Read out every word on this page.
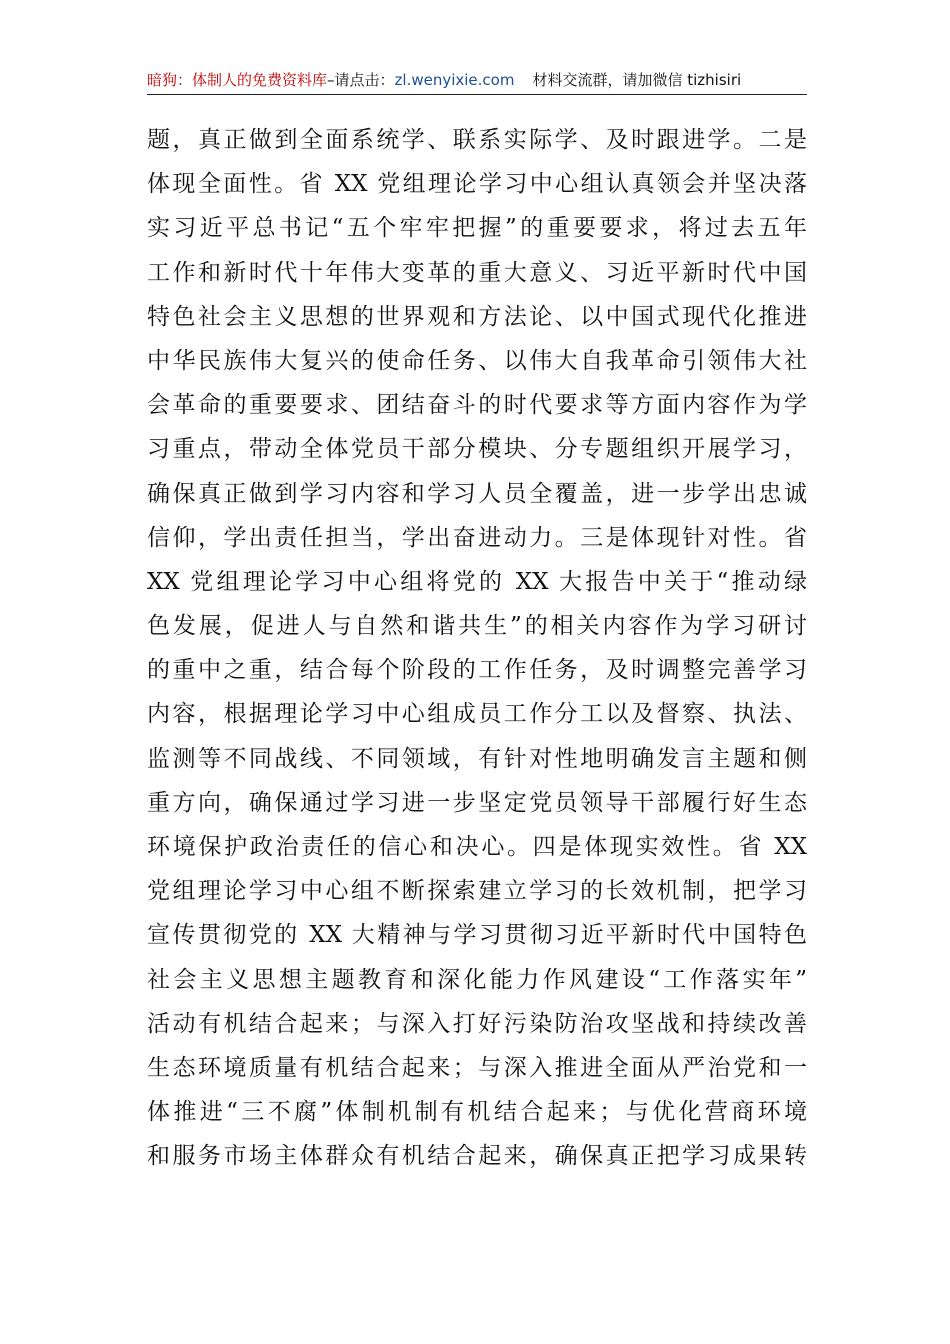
暗狗：体制人的免费资料库–请点击：zl.wenyixie.com 材料交流群，请加微信 tizhisiri
题，真正做到全面系统学、联系实际学、及时跟进学。二是
体现全面性。省 XX 党组理论学习中心组认真领会并坚决落
实习近平总书记“五个牢牢把握”的重要要求，将过去五年
工作和新时代十年伟大变革的重大意义、习近平新时代中国
特色社会主义思想的世界观和方法论、以中国式现代化推进
中华民族伟大复兴的使命任务、以伟大自我革命引领伟大社
会革命的重要要求、团结奋斗的时代要求等方面内容作为学
习重点，带动全体党员干部分模块、分专题组织开展学习，
确保真正做到学习内容和学习人员全覆盖，进一步学出忠诚
信仰，学出责任担当，学出奋进动力。三是体现针对性。省
XX 党组理论学习中心组将党的 XX 大报告中关于“推动绿
色发展，促进人与自然和谐共生”的相关内容作为学习研讨
的重中之重，结合每个阶段的工作任务，及时调整完善学习
内容，根据理论学习中心组成员工作分工以及督察、执法、
监测等不同战线、不同领域，有针对性地明确发言主题和侧
重方向，确保通过学习进一步坚定党员领导干部履行好生态
环境保护政治责任的信心和决心。四是体现实效性。省 XX
党组理论学习中心组不断探索建立学习的长效机制，把学习
宣传贯彻党的 XX 大精神与学习贯彻习近平新时代中国特色
社会主义思想主题教育和深化能力作风建设“工作落实年”
活动有机结合起来；与深入打好污染防治攻坚战和持续改善
生态环境质量有机结合起来；与深入推进全面从严治党和一
体推进“三不腐”体制机制有机结合起来；与优化营商环境
和服务市场主体群众有机结合起来，确保真正把学习成果转
